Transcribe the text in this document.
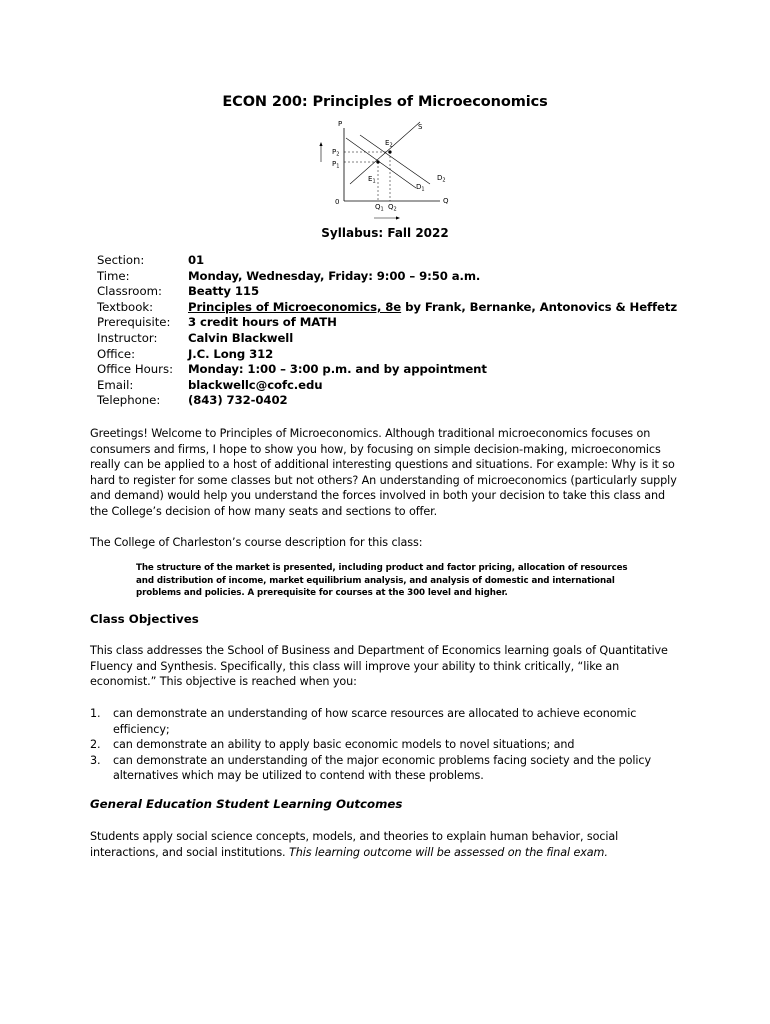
ECON 200: Principles of Microeconomics
P	S
$E_2$
$P_2$
$P_1$
$E_1$	$D_2$
$D_1$
0	Q
$Q_1$ $Q_2$
Syllabus: Fall 2022
Section:	01
Time:	Monday, Wednesday, Friday: 9:00 – 9:50 a.m.
Classroom:	Beatty 115
Textbook:	Principles of Microeconomics, 8e by Frank, Bernanke, Antonovics & Heffetz
Prerequisite:	3 credit hours of MATH
Instructor:	Calvin Blackwell
Office:	J.C. Long 312
Office Hours:	Monday: 1:00 – 3:00 p.m. and by appointment
Email:	blackwellc@cofc.edu
Telephone:	(843) 732-0402
Greetings! Welcome to Principles of Microeconomics. Although traditional microeconomics focuses on consumers and firms, I hope to show you how, by focusing on simple decision-making, microeconomics really can be applied to a host of additional interesting questions and situations. For example: Why is it so hard to register for some classes but not others? An understanding of microeconomics (particularly supply and demand) would help you understand the forces involved in both your decision to take this class and the College’s decision of how many seats and sections to offer.
The College of Charleston’s course description for this class:
The structure of the market is presented, including product and factor pricing, allocation of resources and distribution of income, market equilibrium analysis, and analysis of domestic and international problems and policies. A prerequisite for courses at the 300 level and higher.
Class Objectives
This class addresses the School of Business and Department of Economics learning goals of Quantitative Fluency and Synthesis. Specifically, this class will improve your ability to think critically, “like an economist.” This objective is reached when you:
1.	can demonstrate an understanding of how scarce resources are allocated to achieve economic efficiency;
2.	can demonstrate an ability to apply basic economic models to novel situations; and
3.	can demonstrate an understanding of the major economic problems facing society and the policy alternatives which may be utilized to contend with these problems.
General Education Student Learning Outcomes
Students apply social science concepts, models, and theories to explain human behavior, social interactions, and social institutions. This learning outcome will be assessed on the final exam.
